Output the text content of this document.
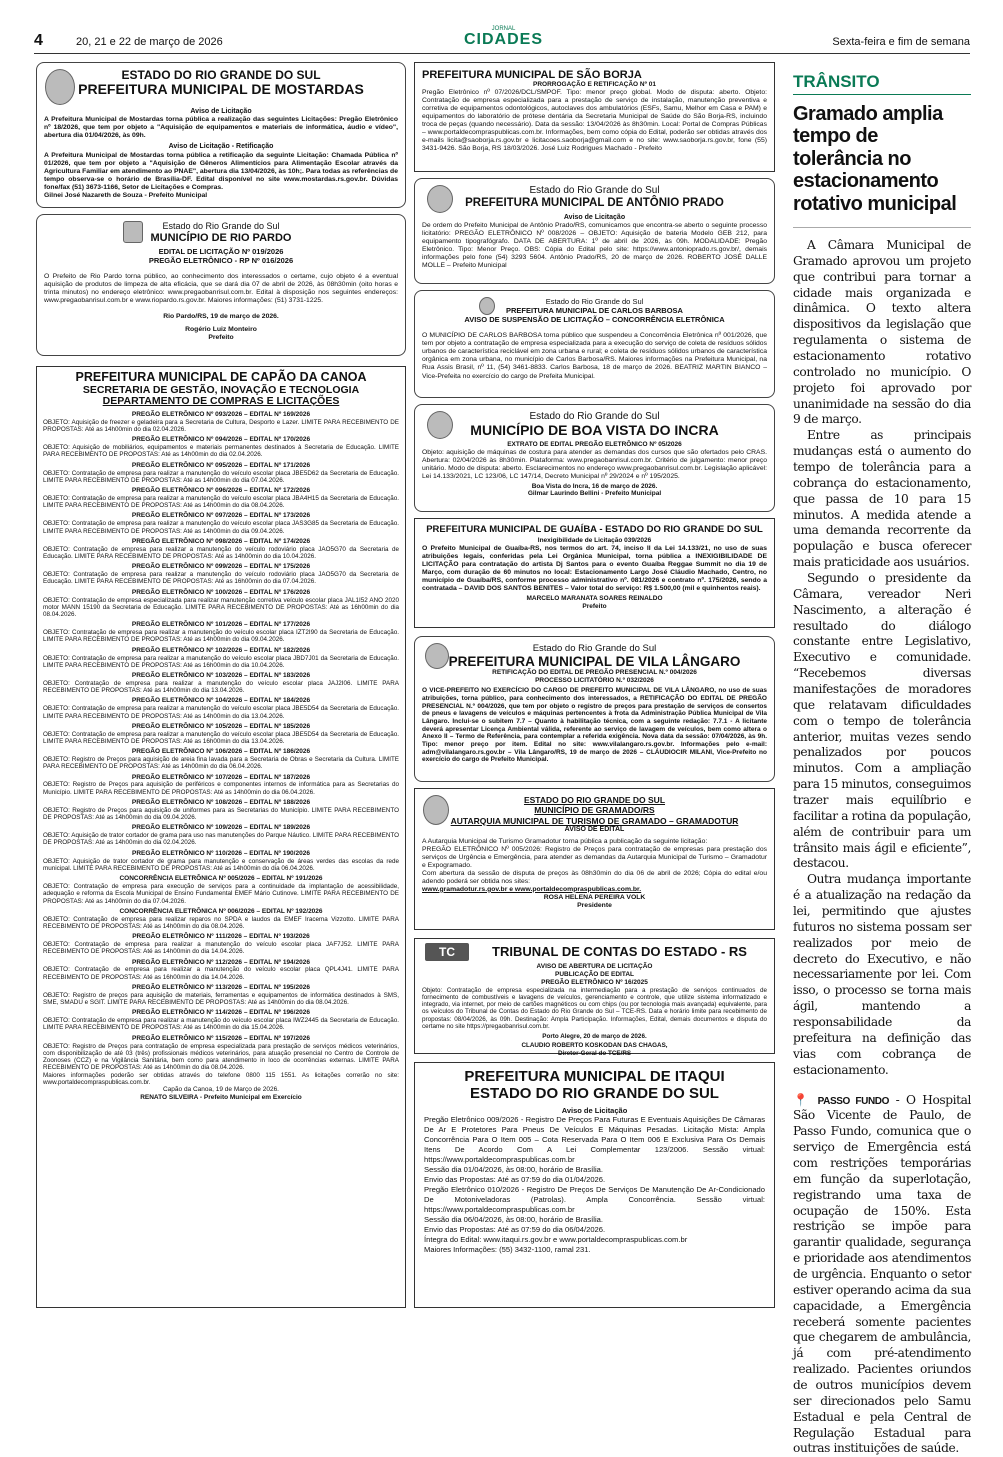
4	20, 21 e 22 de março de 2026
JORNAL
CIDADES	Sexta-feira e fim de semana
ESTADO DO RIO GRANDE DO SUL
PREFEITURA MUNICIPAL DE MOSTARDAS
Aviso de Licitação
A Prefeitura Municipal de Mostardas torna pública a realização das seguintes Licitações: Pregão Eletrônico nº 18/2026, que tem por objeto a "Aquisição de equipamentos e materiais de informática, áudio e vídeo", abertura dia 01/04/2026, às 09h.
Aviso de Licitação - Retificação
A Prefeitura Municipal de Mostardas torna pública a retificação da seguinte Licitação: Chamada Pública nº 01/2026, que tem por objeto a "Aquisição de Gêneros Alimentícios para Alimentação Escolar através da Agricultura Familiar em atendimento ao PNAE", abertura dia 13/04/2026, às 10h;. Para todas as referências de tempo observa-se o horário de Brasília-DF. Edital disponível no site www.mostardas.rs.gov.br. Dúvidas fone/fax (51) 3673-1166, Setor de Licitações e Compras.
Gilnei José Nazareth de Souza - Prefeito Municipal
Estado do Rio Grande do Sul
MUNICÍPIO DE RIO PARDO
EDITAL DE LICITAÇÃO Nº 019/2026
PREGÃO ELETRÔNICO - RP Nº 016/2026
O Prefeito de Rio Pardo torna público, ao conhecimento dos interessados o certame, cujo objeto é a eventual aquisição de produtos de limpeza de alta eficácia, que se dará dia 07 de abril de 2026, às 08h30min (oito horas e trinta minutos) no endereço eletrônico: www.pregaobanrisul.com.br. Edital à disposição nos seguintes endereços: www.pregaobanrisul.com.br e www.riopardo.rs.gov.br. Maiores informações: (51) 3731-1225.
Rio Pardo/RS, 19 de março de 2026.
Rogério Luiz Monteiro
Prefeito
PREFEITURA MUNICIPAL DE CAPÃO DA CANOA
SECRETARIA DE GESTÃO, INOVAÇÃO E TECNOLOGIA
DEPARTAMENTO DE COMPRAS E LICITAÇÕES
PREGÃO ELETRÔNICO Nº 093/2026 – EDITAL Nº 169/2026
OBJETO: Aquisição de freezer e geladeira para a Secretaria de Cultura, Desporto e Lazer. LIMITE PARA RECEBIMENTO DE PROPOSTAS: Até as 14h00min do dia 02.04.2026.
PREGÃO ELETRÔNICO Nº 094/2026 – EDITAL Nº 170/2026
OBJETO: Aquisição de mobiliários, equipamentos e materiais permanentes destinados à Secretaria de Educação. LIMITE PARA RECEBIMENTO DE PROPOSTAS: Até as 14h00min do dia 02.04.2026.
PREGÃO ELETRÔNICO Nº 095/2026 – EDITAL Nº 171/2026
OBJETO: Contratação de empresa para realizar a manutenção do veículo escolar placa JBE5D62 da Secretaria de Educação. LIMITE PARA RECEBIMENTO DE PROPOSTAS: Até as 14h00min do dia 07.04.2026.
PREGÃO ELETRÔNICO Nº 096/2026 – EDITAL Nº 172/2026
OBJETO: Contratação de empresa para realizar a manutenção do veículo escolar placa JBA4H15 da Secretaria de Educação. LIMITE PARA RECEBIMENTO DE PROPOSTAS: Até as 14h00min do dia 08.04.2026.
PREGÃO ELETRÔNICO Nº 097/2026 – EDITAL Nº 173/2026
OBJETO: Contratação de empresa para realizar a manutenção do veículo escolar placa JAS3G85 da Secretaria de Educação. LIMITE PARA RECEBIMENTO DE PROPOSTAS: Até as 14h00min do dia 09.04.2026.
PREGÃO ELETRÔNICO Nº 098/2026 – EDITAL Nº 174/2026
OBJETO: Contratação de empresa para realizar a manutenção do veículo rodoviário placa JAO5G70 da Secretaria de Educação. LIMITE PARA RECEBIMENTO DE PROPOSTAS: Até as 14h00min do dia 10.04.2026.
PREGÃO ELETRÔNICO Nº 099/2026 – EDITAL Nº 175/2026
OBJETO: Contratação de empresa para realizar a manutenção do veículo rodoviário placa JAO5G70 da Secretaria de Educação. LIMITE PARA RECEBIMENTO DE PROPOSTAS: Até as 16h00min do dia 07.04.2026.
PREGÃO ELETRÔNICO Nº 100/2026 – EDITAL Nº 176/2026
OBJETO: Contratação de empresa especializada para realizar manutenção corretiva veículo escolar placa JAL1I52 ANO 2020 motor MANN 15190 da Secretaria de Educação. LIMITE PARA RECEBIMENTO DE PROPOSTAS: Até as 16h00min do dia 08.04.2026.
PREGÃO ELETRÔNICO Nº 101/2026 – EDITAL Nº 177/2026
OBJETO: Contratação de empresa para realizar a manutenção do veículo escolar placa IZT2I90 da Secretaria de Educação. LIMITE PARA RECEBIMENTO DE PROPOSTAS: Até as 14h00min do dia 09.04.2026.
PREGÃO ELETRÔNICO Nº 102/2026 – EDITAL Nº 182/2026
OBJETO: Contratação de empresa para realizar a manutenção do veículo escolar placa JBD7J01 da Secretaria de Educação. LIMITE PARA RECEBIMENTO DE PROPOSTAS: Até as 16h00min do dia 10.04.2026.
PREGÃO ELETRÔNICO Nº 103/2026 – EDITAL Nº 183/2026
OBJETO: Contratação de empresa para realizar a manutenção do veículo escolar placa JAJ2I06. LIMITE PARA RECEBIMENTO DE PROPOSTAS: Até as 14h00min do dia 13.04.2026.
PREGÃO ELETRÔNICO Nº 104/2026 – EDITAL Nº 184/2026
OBJETO: Contratação de empresa para realizar a manutenção do veículo escolar placa JBE5D54 da Secretaria de Educação. LIMITE PARA RECEBIMENTO DE PROPOSTAS: Até as 14h00min do dia 13.04.2026.
PREGÃO ELETRÔNICO Nº 105/2026 – EDITAL Nº 185/2026
OBJETO: Contratação de empresa para realizar a manutenção do veículo escolar placa JBE5D54 da Secretaria de Educação. LIMITE PARA RECEBIMENTO DE PROPOSTAS: Até as 16h00min do dia 13.04.2026.
PREGÃO ELETRÔNICO Nº 106/2026 – EDITAL Nº 186/2026
OBJETO: Registro de Preços para aquisição de areia fina lavada para a Secretaria de Obras e Secretaria da Cultura. LIMITE PARA RECEBIMENTO DE PROPOSTAS: Até as 14h00min do dia 06.04.2026.
PREGÃO ELETRÔNICO Nº 107/2026 – EDITAL Nº 187/2026
OBJETO: Registro de Preços para aquisição de periféricos e componentes internos de informática para as Secretarias do Município. LIMITE PARA RECEBIMENTO DE PROPOSTAS: Até as 14h00min do dia 06.04.2026.
PREGÃO ELETRÔNICO Nº 108/2026 – EDITAL Nº 188/2026
OBJETO: Registro de Preços para aquisição de uniformes para as Secretarias do Município. LIMITE PARA RECEBIMENTO DE PROPOSTAS: Até as 14h00min do dia 09.04.2026.
PREGÃO ELETRÔNICO Nº 109/2026 – EDITAL Nº 189/2026
OBJETO: Aquisição de trator cortador de grama para uso nas manutenções do Parque Náutico. LIMITE PARA RECEBIMENTO DE PROPOSTAS: Até as 14h00min do dia 02.04.2026.
PREGÃO ELETRÔNICO Nº 110/2026 – EDITAL Nº 190/2026
OBJETO: Aquisição de trator cortador de grama para manutenção e conservação de áreas verdes das escolas da rede municipal. LIMITE PARA RECEBIMENTO DE PROPOSTAS: Até as 14h00min do dia 06.04.2026.
CONCORRÊNCIA ELETRÔNICA Nº 005/2026 – EDITAL Nº 191/2026
OBJETO: Contratação de empresa para execução de serviços para a continuidade da implantação de acessibilidade, adequação e reforma da Escola Municipal de Ensino Fundamental EMEF Mário Cutinove. LIMITE PARA RECEBIMENTO DE PROPOSTAS: Até as 14h00min do dia 07.04.2026.
CONCORRÊNCIA ELETRÔNICA Nº 006/2026 – EDITAL Nº 192/2026
OBJETO: Contratação de empresa para realizar reparos no SPDA e laudos da EMEF Iracema Vizzotto. LIMITE PARA RECEBIMENTO DE PROPOSTAS: Até as 14h00min do dia 08.04.2026.
PREGÃO ELETRÔNICO Nº 111/2026 – EDITAL Nº 193/2026
OBJETO: Contratação de empresa para realizar a manutenção do veículo escolar placa JAF7J52. LIMITE PARA RECEBIMENTO DE PROPOSTAS: Até as 14h00min do dia 14.04.2026.
PREGÃO ELETRÔNICO Nº 112/2026 – EDITAL Nº 194/2026
OBJETO: Contratação de empresa para realizar a manutenção do veículo escolar placa QPL4J41. LIMITE PARA RECEBIMENTO DE PROPOSTAS: Até as 16h00min do dia 14.04.2026.
PREGÃO ELETRÔNICO Nº 113/2026 – EDITAL Nº 195/2026
OBJETO: Registro de preços para aquisição de materiais, ferramentas e equipamentos de informática destinados à SMS, SME, SMADU e SGIT. LIMITE PARA RECEBIMENTO DE PROPOSTAS: Até as 14h00min do dia 08.04.2026.
PREGÃO ELETRÔNICO Nº 114/2026 – EDITAL Nº 196/2026
OBJETO: Contratação de empresa para realizar a manutenção do veículo escolar placa IWZ2445 da Secretaria de Educação. LIMITE PARA RECEBIMENTO DE PROPOSTAS: Até as 14h00min do dia 15.04.2026.
PREGÃO ELETRÔNICO Nº 115/2026 – EDITAL Nº 197/2026
OBJETO: Registro de Preços para contratação de empresa especializada para prestação de serviços médicos veterinários, com disponibilização de até 03 (três) profissionais médicos veterinários, para atuação presencial no Centro de Controle de Zoonoses (CCZ) e na Vigilância Sanitária, bem como para atendimento in loco de ocorrências externas. LIMITE PARA RECEBIMENTO DE PROPOSTAS: Até as 14h00min do dia 08.04.2026.
Maiores informações poderão ser obtidas através do telefone 0800 115 1551. As licitações correrão no site: www.portaldecompraspublicas.com.br.
Capão da Canoa, 19 de Março de 2026.
RENATO SILVEIRA - Prefeito Municipal em Exercício
PREFEITURA MUNICIPAL DE SÃO BORJA
PRORROGAÇÃO E RETIFICAÇÃO Nº 01
Pregão Eletrônico nº 07/2026/DCL/SMPOF. Tipo: menor preço global. Modo de disputa: aberto. Objeto: Contratação de empresa especializada para a prestação de serviço de instalação, manutenção preventiva e corretiva de equipamentos odontológicos, autoclaves dos ambulatórios (ESFs, Samu, Melhor em Casa e PAM) e equipamentos do laboratório de prótese dentária da Secretaria Municipal de Saúde do São Borja-RS, incluindo troca de peças (quando necessário). Data da sessão: 13/04/2026 às 8h30min. Local: Portal de Compras Públicas – www.portaldecompraspublicas.com.br. Informações, bem como cópia do Edital, poderão ser obtidas através dos e-mails licita@saoborja.rs.gov.br e licitacoes.saoborja@gmail.com e no site: www.saoborja.rs.gov.br, fone (55) 3431-9426. São Borja, RS 18/03/2026. José Luiz Rodrigues Machado - Prefeito
Estado do Rio Grande do Sul
PREFEITURA MUNICIPAL DE ANTÔNIO PRADO
Aviso de Licitação
De ordem do Prefeito Municipal de Antônio Prado/RS, comunicamos que encontra-se aberto o seguinte processo licitatório: PREGÃO ELETRÔNICO Nº 008/2026 – OBJETO: Aquisição de bateria Modelo GEB 212, para equipamento tipografógrafo. DATA DE ABERTURA: 1º de abril de 2026, às 09h. MODALIDADE: Pregão Eletrônico. Tipo: Menor Preço. OBS: Cópia do Edital pelo site: https://www.antonioprado.rs.gov.br/, demais informações pelo fone (54) 3293 5604. Antônio Prado/RS, 20 de março de 2026. ROBERTO JOSÉ DALLE MOLLE – Prefeito Municipal
Estado do Rio Grande do Sul
PREFEITURA MUNICIPAL DE CARLOS BARBOSA
AVISO DE SUSPENSÃO DE LICITAÇÃO – CONCORRÊNCIA ELETRÔNICA
O MUNICÍPIO DE CARLOS BARBOSA torna público que suspendeu a Concorrência Eletrônica nº 001/2026, que tem por objeto a contratação de empresa especializada para a execução do serviço de coleta de resíduos sólidos urbanos de característica reciclável em zona urbana e rural; e coleta de resíduos sólidos urbanos de característica orgânica em zona urbana, no município de Carlos Barbosa/RS. Maiores informações na Prefeitura Municipal, na Rua Assis Brasil, nº 11, (54) 3461-8833. Carlos Barbosa, 18 de março de 2026. BEATRIZ MARTIN BIANCO – Vice-Prefeita no exercício do cargo de Prefeita Municipal.
Estado do Rio Grande do Sul
MUNICÍPIO DE BOA VISTA DO INCRA
EXTRATO DE EDITAL PREGÃO ELETRÔNICO Nº 05/2026
Objeto: aquisição de máquinas de costura para atender as demandas dos cursos que são ofertados pelo CRAS. Abertura: 02/04/2026 às 8h30min. Plataforma: www.pregaobanrisul.com.br. Critério de julgamento: menor preço unitário. Modo de disputa: aberto. Esclarecimentos no endereço www.pregaobanrisul.com.br. Legislação aplicável: Lei 14.133/2021, LC 123/06, LC 147/14, Decreto Municipal nº 29/2024 e nº 195/2025.
Boa Vista do Incra, 16 de março de 2026.
Gilmar Laurindo Bellini - Prefeito Municipal
PREFEITURA MUNICIPAL DE GUAÍBA - ESTADO DO RIO GRANDE DO SUL
Inexigibilidade de Licitação 039/2026
O Prefeito Municipal de Guaíba-RS, nos termos do art. 74, inciso II da Lei 14.133/21, no uso de suas atribuições legais, conferidas pela Lei Orgânica Municipal, torna pública a INEXIGIBILIDADE DE LICITAÇÃO para contratação do artista Dj Santos para o evento Guaíba Reggae Summit no dia 19 de Março, com duração de 60 minutos no local: Estacionamento Largo José Cláudio Machado, Centro, no município de Guaíba/RS, conforme processo administrativo nº. 081/2026 e contrato nº. 175/2026, sendo a contratada – DAVID DOS SANTOS BENITES – Valor total do serviço: R$ 1.500,00 (mil e quinhentos reais).
MARCELO MARANATA SOARES REINALDO
Prefeito
Estado do Rio Grande do Sul
PREFEITURA MUNICIPAL DE VILA LÂNGARO
RETIFICAÇÃO DO EDITAL DE PREGÃO PRESENCIAL N.º 004/2026
PROCESSO LICITATÓRIO N.º 032/2026
O VICE-PREFEITO NO EXERCÍCIO DO CARGO DE PREFEITO MUNICIPAL DE VILA LÂNGARO, no uso de suas atribuições, torna público, para conhecimento dos interessados, a RETIFICAÇÃO DO EDITAL DE PREGÃO PRESENCIAL N.º 004/2026, que tem por objeto o registro de preços para prestação de serviços de consertos de pneus e lavagens de veículos e máquinas pertencentes à frota da Administração Pública Municipal de Vila Lângaro. Inclui-se o subitem 7.7 – Quanto à habilitação técnica, com a seguinte redação: 7.7.1 - A licitante deverá apresentar Licença Ambiental válida, referente ao serviço de lavagem de veículos, bem como altera o Anexo II – Termo de Referência, para contemplar a referida exigência. Nova data da sessão: 07/04/2026, às 9h. Tipo: menor preço por item. Edital no site: www.vilalangaro.rs.gov.br. Informações pelo e-mail: adm@vilalangaro.rs.gov.br – Vila Lângaro/RS, 19 de março de 2026 – CLÁUDIOCIR MILANI, Vice-Prefeito no exercício do cargo de Prefeito Municipal.
ESTADO DO RIO GRANDE DO SUL
MUNICÍPIO DE GRAMADO/RS
AUTARQUIA MUNICIPAL DE TURISMO DE GRAMADO – GRAMADOTUR
AVISO DE EDITAL
A Autarquia Municipal de Turismo Gramadotur torna pública a publicação da seguinte licitação:
PREGÃO ELETRÔNICO Nº 005/2026: Registro de Preços para contratação de empresas para prestação dos serviços de Urgência e Emergência, para atender as demandas da Autarquia Municipal de Turismo – Gramadotur e Expogramado.
Com abertura da sessão de disputa de preços às 08h30min do dia 06 de abril de 2026; Cópia do edital e/ou adendo poderá ser obtida nos sites:
www.gramadotur.rs.gov.br e www.portaldecompraspublicas.com.br.
ROSA HELENA PEREIRA VOLK
Presidente
TC	TRIBUNAL DE CONTAS DO ESTADO - RS
AVISO DE ABERTURA DE LICITAÇÃO
PUBLICAÇÃO DE EDITAL
PREGÃO ELETRÔNICO Nº 16/2025
Objeto: Contratação de empresa especializada na intermediação para a prestação de serviços continuados de fornecimento de combustíveis e lavagens de veículos, gerenciamento e controle, que utilize sistema informatizado e integrado, via internet, por meio de cartões magnéticos ou com chips (ou por tecnologia mais avançada) equivalente, para os veículos do Tribunal de Contas do Estado do Rio Grande do Sul – TCE-RS. Data e horário limite para recebimento de propostas: 08/04/2026, às 09h. Destinação: Ampla Participação. Informações, Edital, demais documentos e disputa do certame no site https://pregaobanrisul.com.br.
Porto Alegre, 20 de março de 2026.
CLAUDIO ROBERTO KOSKODAN DAS CHAGAS,
Diretor-Geral do TCE/RS
PREFEITURA MUNICIPAL DE ITAQUI
ESTADO DO RIO GRANDE DO SUL
Aviso de Licitação
Pregão Eletrônico 009/2026 - Registro De Preços Para Futuras E Eventuais Aquisições De Câmaras De Ar E Protetores Para Pneus De Veículos E Máquinas Pesadas. Licitação Mista: Ampla Concorrência Para O Item 005 – Cota Reservada Para O Item 006 E Exclusiva Para Os Demais Itens De Acordo Com A Lei Complementar 123/2006. Sessão virtual: https://www.portaldecompraspublicas.com.br
Sessão dia 01/04/2026, às 08:00, horário de Brasília.
Envio das Propostas: Até as 07:59 do dia 01/04/2026.
Pregão Eletrônico 010/2026 - Registro De Preços De Serviços De Manutenção De Ar-Condicionado De Motoniveladoras (Patrolas). Ampla Concorrência. Sessão virtual: https://www.portaldecompraspublicas.com.br
Sessão dia 06/04/2026, às 08:00, horário de Brasília.
Envio das Propostas: Até as 07:59 do dia 06/04/2026.
Íntegra do Edital: www.itaqui.rs.gov.br e www.portaldecompraspublicas.com.br
Maiores Informações: (55) 3432-1100, ramal 231.
TRÂNSITO
Gramado amplia tempo de tolerância no estacionamento rotativo municipal

A Câmara Municipal de Gramado aprovou um projeto que contribui para tornar a cidade mais organizada e dinâmica. O texto altera dispositivos da legislação que regulamenta o sistema de estacionamento rotativo controlado no município. O projeto foi aprovado por unanimidade na sessão do dia 9 de março.

Entre as principais mudanças está o aumento do tempo de tolerância para a cobrança do estacionamento, que passa de 10 para 15 minutos. A medida atende a uma demanda recorrente da população e busca oferecer mais praticidade aos usuários.

Segundo o presidente da Câmara, vereador Neri Nascimento, a alteração é resultado do diálogo constante entre Legislativo, Executivo e comunidade. “Recebemos diversas manifestações de moradores que relatavam dificuldades com o tempo de tolerância anterior, muitas vezes sendo penalizados por poucos minutos. Com a ampliação para 15 minutos, conseguimos trazer mais equilíbrio e facilitar a rotina da população, além de contribuir para um trânsito mais ágil e eficiente”, destacou.

Outra mudança importante é a atualização na redação da lei, permitindo que ajustes futuros no sistema possam ser realizados por meio de decreto do Executivo, e não necessariamente por lei. Com isso, o processo se torna mais ágil, mantendo a responsabilidade da prefeitura na definição das vias com cobrança de estacionamento.

📍 PASSO FUNDO - O Hospital São Vicente de Paulo, de Passo Fundo, comunica que o serviço de Emergência está com restrições temporárias em função da superlotação, registrando uma taxa de ocupação de 150%. Esta restrição se impõe para garantir qualidade, segurança e prioridade aos atendimentos de urgência. Enquanto o setor estiver operando acima da sua capacidade, a Emergência receberá somente pacientes que chegarem de ambulância, já com pré-atendimento realizado. Pacientes oriundos de outros municípios devem ser direcionados pelo Samu Estadual e pela Central de Regulação Estadual para outras instituições de saúde.
